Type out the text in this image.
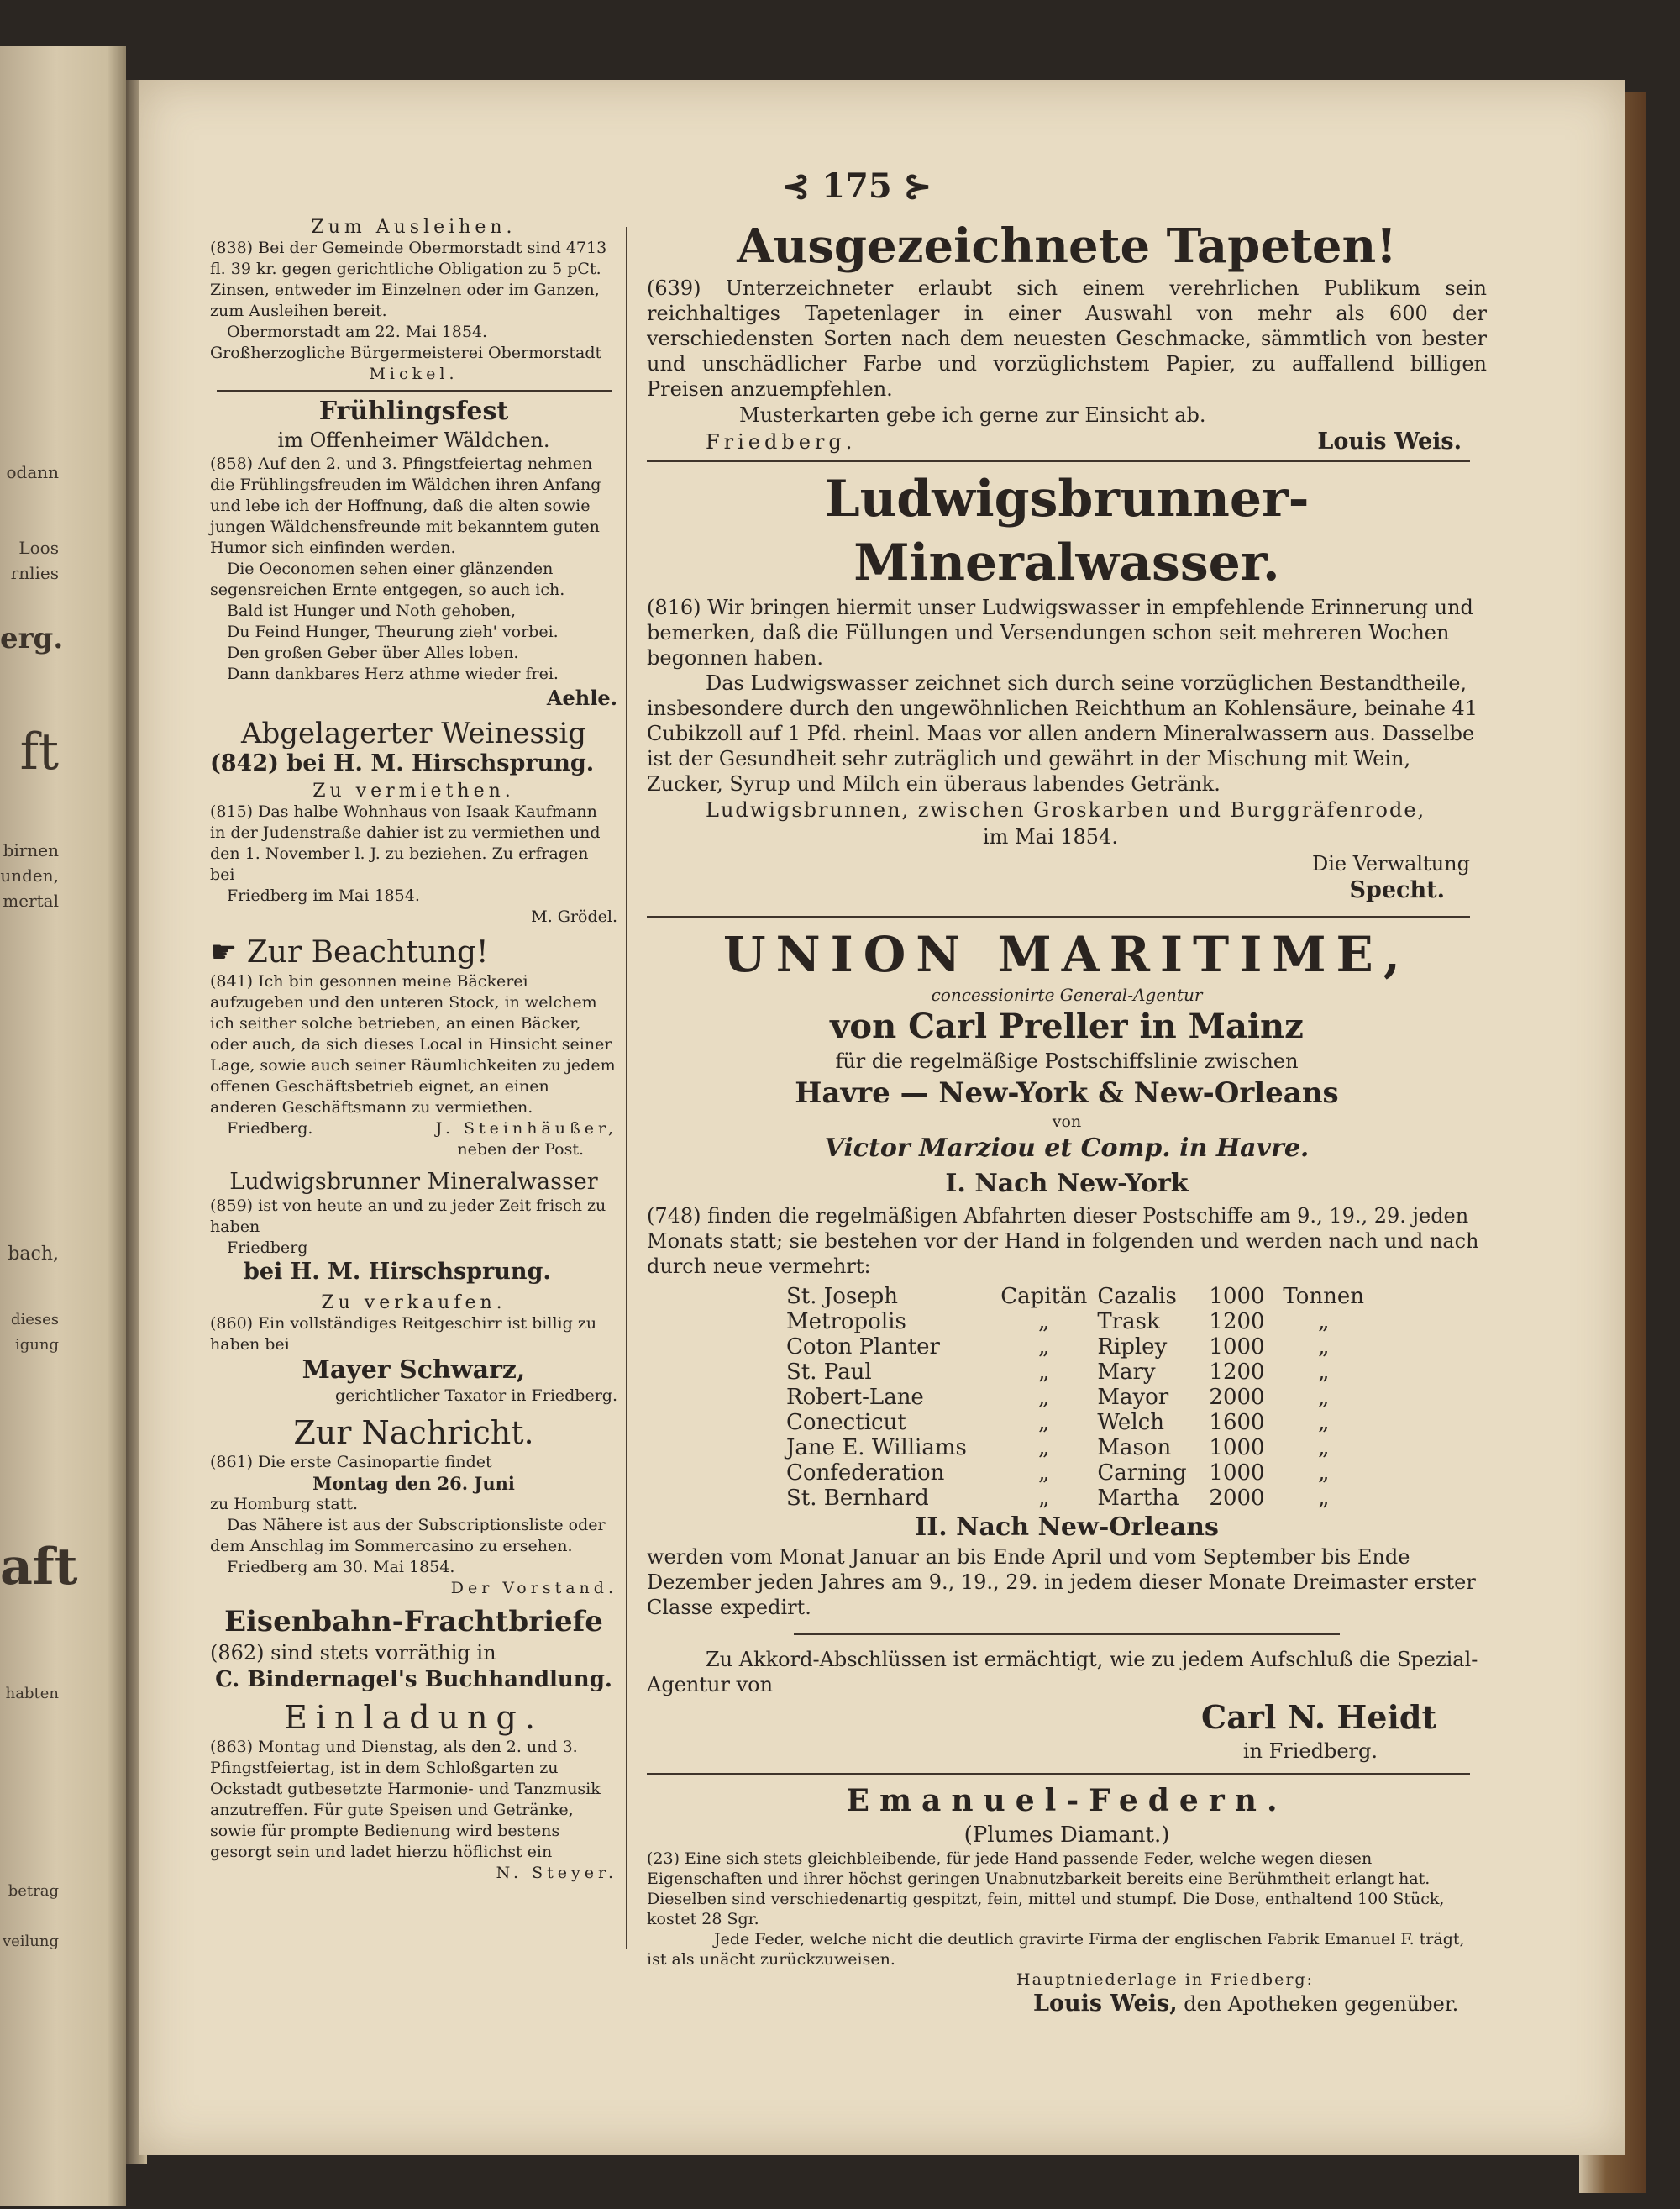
odann
Loos
rnlies
erg.
ft
birnen
unden,
mertal
bach,
dieses
igung
aft
habten
betrag
veilung
⊰ 175 ⊱

Zum Ausleihen.

(838) Bei der Gemeinde Obermorstadt sind 4713 fl. 39 kr. gegen gerichtliche Obligation zu 5 pCt. Zinsen, entweder im Einzelnen oder im Ganzen, zum Ausleihen bereit.

Obermorstadt am 22. Mai 1854.

Großherzogliche Bürgermeisterei Obermorstadt

Mickel.

Frühlingsfest

im Offenheimer Wäldchen.

(858) Auf den 2. und 3. Pfingstfeiertag nehmen die Frühlingsfreuden im Wäldchen ihren Anfang und lebe ich der Hoffnung, daß die alten sowie jungen Wäldchensfreunde mit bekanntem guten Humor sich einfinden werden.

Die Oeconomen sehen einer glänzenden segensreichen Ernte entgegen, so auch ich.

Bald ist Hunger und Noth gehoben,

Du Feind Hunger, Theurung zieh' vorbei.

Den großen Geber über Alles loben.

Dann dankbares Herz athme wieder frei.

Aehle.

Abgelagerter Weinessig

(842) bei H. M. Hirschsprung.

Zu vermiethen.

(815) Das halbe Wohnhaus von Isaak Kaufmann in der Judenstraße dahier ist zu vermiethen und den 1. November l. J. zu beziehen. Zu erfragen bei

Friedberg im Mai 1854.

M. Grödel.

☛ Zur Beachtung!

(841) Ich bin gesonnen meine Bäckerei aufzugeben und den unteren Stock, in welchem ich seither solche betrieben, an einen Bäcker, oder auch, da sich dieses Local in Hinsicht seiner Lage, sowie auch seiner Räumlichkeiten zu jedem offenen Geschäftsbetrieb eignet, an einen anderen Geschäftsmann zu vermiethen.

Friedberg.	J. Steinhäußer,

neben der Post.

Ludwigsbrunner Mineralwasser

(859) ist von heute an und zu jeder Zeit frisch zu haben

Friedberg

bei H. M. Hirschsprung.

Zu verkaufen.

(860) Ein vollständiges Reitgeschirr ist billig zu haben bei

Mayer Schwarz,

gerichtlicher Taxator in Friedberg.

Zur Nachricht.

(861) Die erste Casinopartie findet

Montag den 26. Juni

zu Homburg statt.

Das Nähere ist aus der Subscriptionsliste oder dem Anschlag im Sommercasino zu ersehen.

Friedberg am 30. Mai 1854.

Der Vorstand.

Eisenbahn-Frachtbriefe

(862) sind stets vorräthig in

C. Bindernagel's Buchhandlung.

Einladung.

(863) Montag und Dienstag, als den 2. und 3. Pfingstfeiertag, ist in dem Schloßgarten zu Ockstadt gutbesetzte Harmonie- und Tanzmusik anzutreffen. Für gute Speisen und Getränke, sowie für prompte Bedienung wird bestens gesorgt sein und ladet hierzu höflichst ein

N. Steyer.

Ausgezeichnete Tapeten!

(639) Unterzeichneter erlaubt sich einem verehrlichen Publikum sein reichhaltiges Tapetenlager in einer Auswahl von mehr als 600 der verschiedensten Sorten nach dem neuesten Geschmacke, sämmtlich von bester und unschädlicher Farbe und vorzüglichstem Papier, zu auffallend billigen Preisen anzuempfehlen.

Musterkarten gebe ich gerne zur Einsicht ab.

Friedberg.	Louis Weis.

Ludwigsbrunner-Mineralwasser.

(816) Wir bringen hiermit unser Ludwigswasser in empfehlende Erinnerung und bemerken, daß die Füllungen und Versendungen schon seit mehreren Wochen begonnen haben.

Das Ludwigswasser zeichnet sich durch seine vorzüglichen Bestandtheile, insbesondere durch den ungewöhnlichen Reichthum an Kohlensäure, beinahe 41 Cubikzoll auf 1 Pfd. rheinl. Maas vor allen andern Mineralwassern aus. Dasselbe ist der Gesundheit sehr zuträglich und gewährt in der Mischung mit Wein, Zucker, Syrup und Milch ein überaus labendes Getränk.

Ludwigsbrunnen, zwischen Groskarben und Burggräfenrode,

im Mai 1854.

Die Verwaltung

Specht.

UNION MARITIME,

concessionirte General-Agentur

von Carl Preller in Mainz

für die regelmäßige Postschiffslinie zwischen

Havre — New-York & New-Orleans

von

Victor Marziou et Comp. in Havre.

I. Nach New-York

(748) finden die regelmäßigen Abfahrten dieser Postschiffe am 9., 19., 29. jeden Monats statt; sie bestehen vor der Hand in folgenden und werden nach und nach durch neue vermehrt:

St. Joseph	Capitän	Cazalis	1000	Tonnen
Metropolis	„	Trask	1200	„
Coton Planter	„	Ripley	1000	„
St. Paul	„	Mary	1200	„
Robert-Lane	„	Mayor	2000	„
Conecticut	„	Welch	1600	„
Jane E. Williams	„	Mason	1000	„
Confederation	„	Carning	1000	„
St. Bernhard	„	Martha	2000	„

II. Nach New-Orleans

werden vom Monat Januar an bis Ende April und vom September bis Ende Dezember jeden Jahres am 9., 19., 29. in jedem dieser Monate Dreimaster erster Classe expedirt.

Zu Akkord-Abschlüssen ist ermächtigt, wie zu jedem Aufschluß die Spezial-Agentur von

Carl N. Heidt

in Friedberg.

Emanuel-Federn.

(Plumes Diamant.)

(23) Eine sich stets gleichbleibende, für jede Hand passende Feder, welche wegen diesen Eigenschaften und ihrer höchst geringen Unabnutzbarkeit bereits eine Berühmtheit erlangt hat. Dieselben sind verschiedenartig gespitzt, fein, mittel und stumpf. Die Dose, enthaltend 100 Stück, kostet 28 Sgr.

Jede Feder, welche nicht die deutlich gravirte Firma der englischen Fabrik Emanuel F. trägt, ist als unächt zurückzuweisen.

Hauptniederlage in Friedberg:

Louis Weis, den Apotheken gegenüber.
